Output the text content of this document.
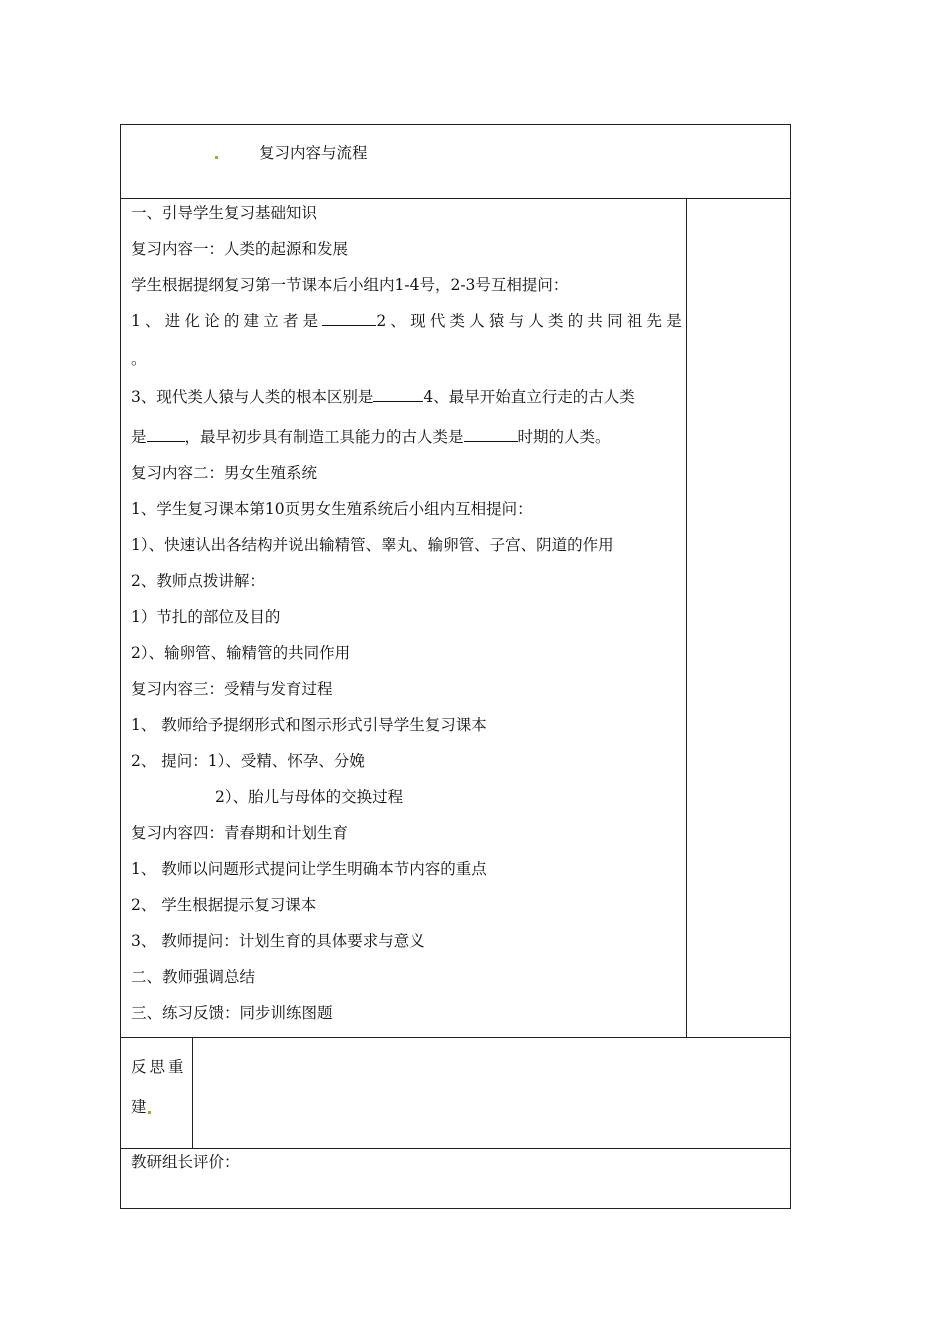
复习内容与流程
一、引导学生复习基础知识
复习内容一：人类的起源和发展
学生根据提纲复习第一节课本后小组内1-4号，2-3号互相提问：
1、进化论的建立者是	2、现代类人猿与人类的共同祖先是
。
3、现代类人猿与人类的根本区别是	4、最早开始直立行走的古人类
是 ，最早初步具有制造工具能力的古人类是	时期的人类。
复习内容二：男女生殖系统
1、学生复习课本第10页男女生殖系统后小组内互相提问：
1）、快速认出各结构并说出输精管、睾丸、输卵管、子宫、阴道的作用
2、教师点拨讲解：
1）节扎的部位及目的
2）、输卵管、输精管的共同作用
复习内容三：受精与发育过程
1、 教师给予提纲形式和图示形式引导学生复习课本
2、 提问：1）、受精、怀孕、分娩
2）、胎儿与母体的交换过程
复习内容四：青春期和计划生育
1、 教师以问题形式提问让学生明确本节内容的重点
2、 学生根据提示复习课本
3、 教师提问：计划生育的具体要求与意义
二、教师强调总结
三、练习反馈：同步训练图题
反思重
建
教研组长评价：
